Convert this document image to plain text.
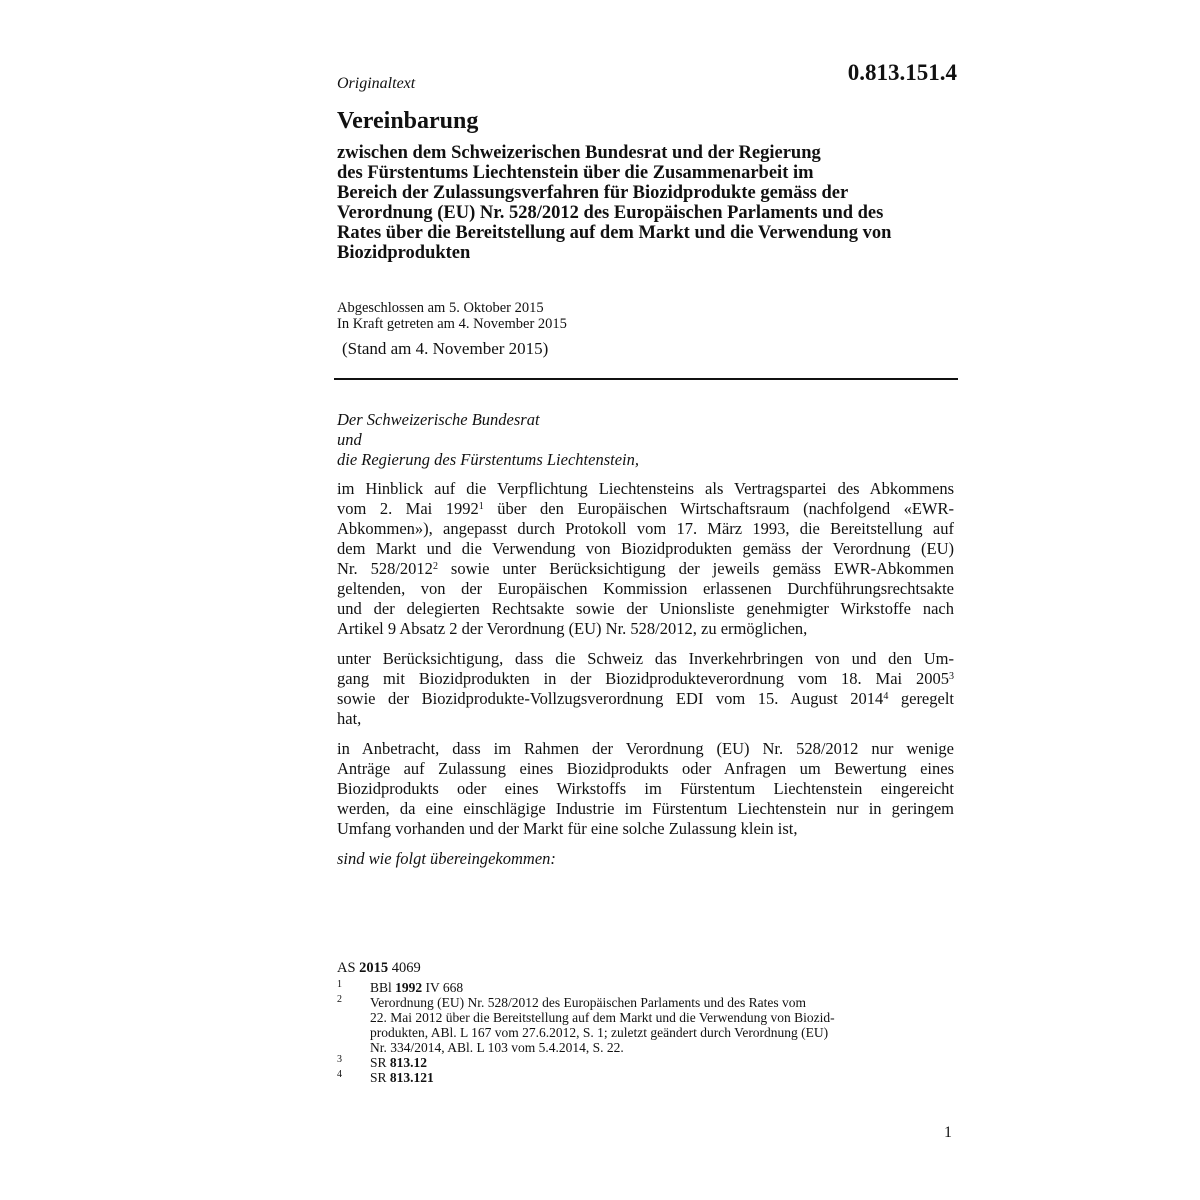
Originaltext	0.813.151.4
Vereinbarung
zwischen dem Schweizerischen Bundesrat und der Regierung
des Fürstentums Liechtenstein über die Zusammenarbeit im
Bereich der Zulassungsverfahren für Biozidprodukte gemäss der
Verordnung (EU) Nr. 528/2012 des Europäischen Parlaments und des
Rates über die Bereitstellung auf dem Markt und die Verwendung von
Biozidprodukten
Abgeschlossen am 5. Oktober 2015
In Kraft getreten am 4. November 2015
(Stand am 4. November 2015)
Der Schweizerische Bundesrat
und
die Regierung des Fürstentums Liechtenstein,
im Hinblick auf die Verpflichtung Liechtensteins als Vertragspartei des Abkommens
vom 2. Mai 1992$^1$ über den Europäischen Wirtschaftsraum (nachfolgend «EWR-
Abkommen»), angepasst durch Protokoll vom 17. März 1993, die Bereitstellung auf
dem Markt und die Verwendung von Biozidprodukten gemäss der Verordnung (EU)
Nr. 528/2012$^2$ sowie unter Berücksichtigung der jeweils gemäss EWR-Abkommen
geltenden, von der Europäischen Kommission erlassenen Durchführungsrechtsakte
und der delegierten Rechtsakte sowie der Unionsliste genehmigter Wirkstoffe nach
Artikel 9 Absatz 2 der Verordnung (EU) Nr. 528/2012, zu ermöglichen,
unter Berücksichtigung, dass die Schweiz das Inverkehrbringen von und den Um-
gang mit Biozidprodukten in der Biozidprodukteverordnung vom 18. Mai 2005$^3$
sowie der Biozidprodukte-Vollzugsverordnung EDI vom 15. August 2014$^4$ geregelt
hat,
in Anbetracht, dass im Rahmen der Verordnung (EU) Nr. 528/2012 nur wenige
Anträge auf Zulassung eines Biozidprodukts oder Anfragen um Bewertung eines
Biozidprodukts oder eines Wirkstoffs im Fürstentum Liechtenstein eingereicht
werden, da eine einschlägige Industrie im Fürstentum Liechtenstein nur in geringem
Umfang vorhanden und der Markt für eine solche Zulassung klein ist,

sind wie folgt übereingekommen:

AS 2015 4069
1 BBl 1992 IV 668
2 Verordnung (EU) Nr. 528/2012 des Europäischen Parlaments und des Rates vom
22. Mai 2012 über die Bereitstellung auf dem Markt und die Verwendung von Biozid-
produkten, ABl. L 167 vom 27.6.2012, S. 1; zuletzt geändert durch Verordnung (EU)
Nr. 334/2014, ABl. L 103 vom 5.4.2014, S. 22.
3 SR 813.12
4 SR 813.121
1
